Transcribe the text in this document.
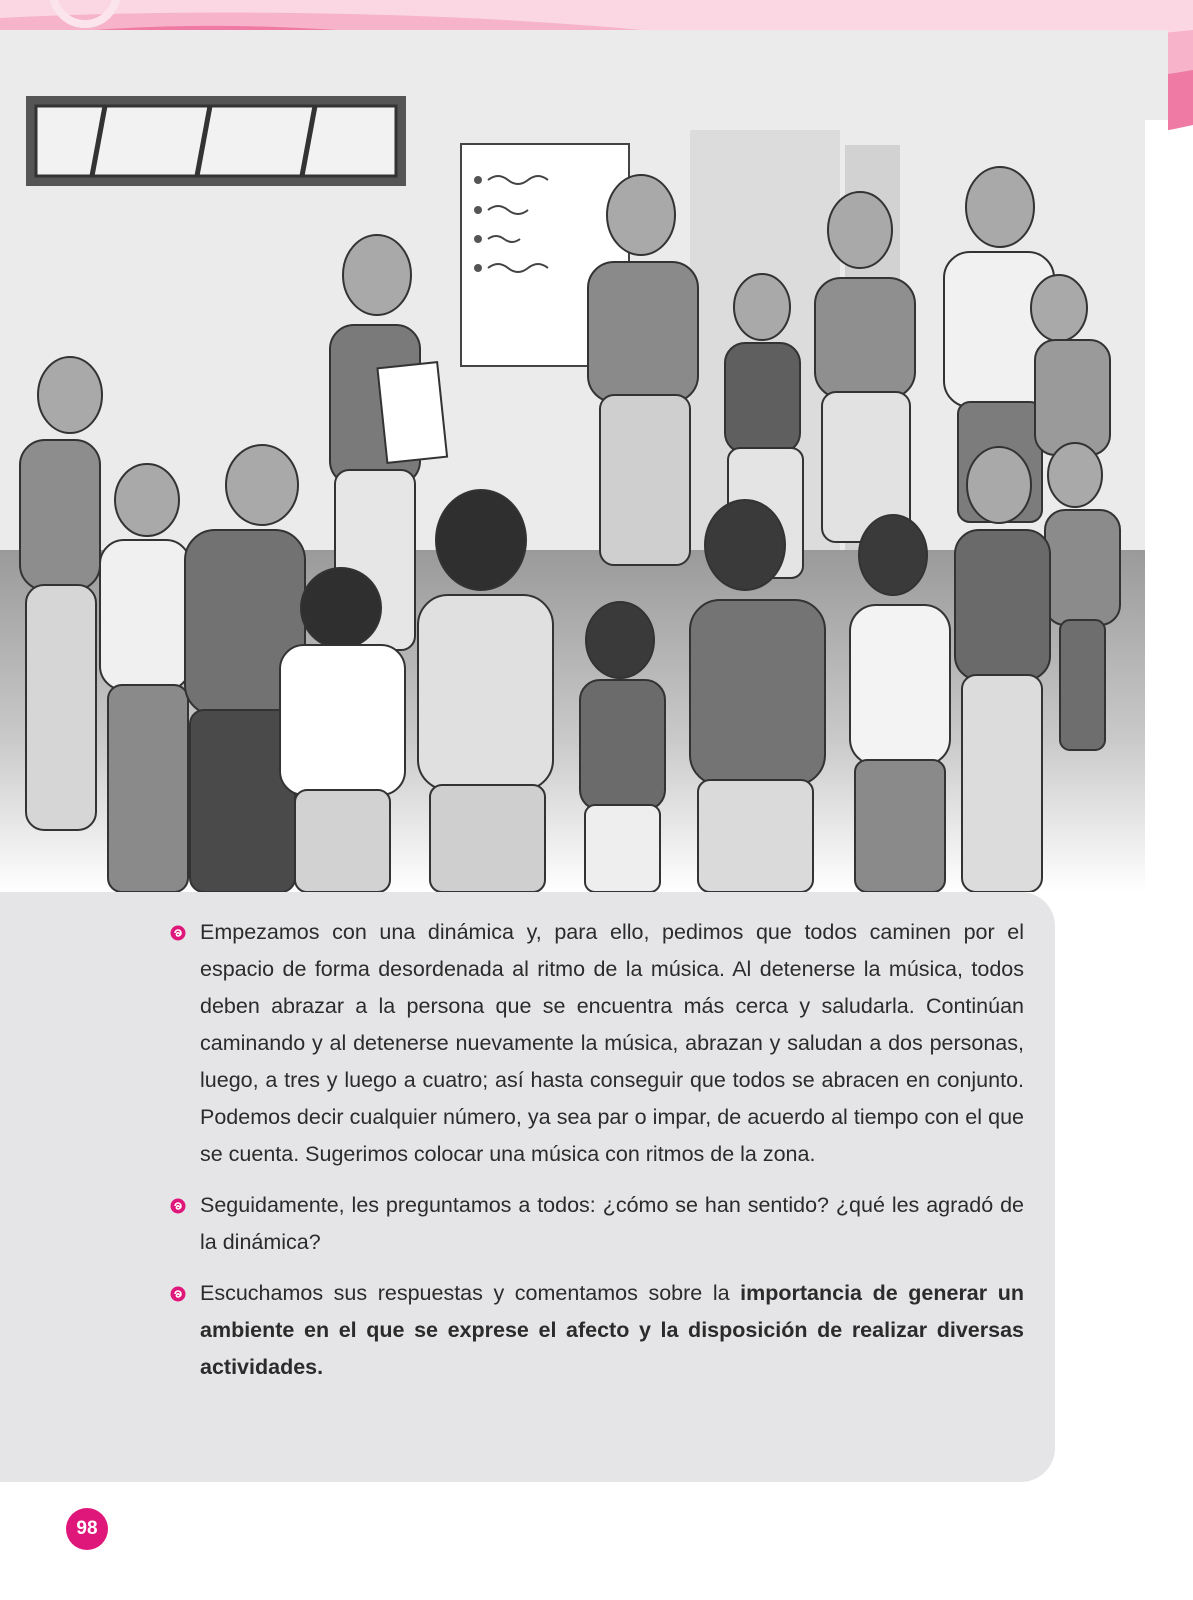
Empezamos con una dinámica y, para ello, pedimos que todos caminen por el espacio de forma desordenada al ritmo de la música. Al detenerse la música, todos deben abrazar a la persona que se encuentra más cerca y saludarla. Continúan caminando y al detenerse nuevamente la música, abrazan y saludan a dos personas, luego, a tres y luego a cuatro; así hasta conseguir que todos se abracen en conjunto. Podemos decir cualquier número, ya sea par o impar, de acuerdo al tiempo con el que se cuenta. Sugerimos colocar una música con ritmos de la zona.
Seguidamente, les preguntamos a todos: ¿cómo se han sentido? ¿qué les agradó de la dinámica?
Escuchamos sus respuestas y comentamos sobre la importancia de generar un ambiente en el que se exprese el afecto y la disposición de realizar diversas actividades.
98
